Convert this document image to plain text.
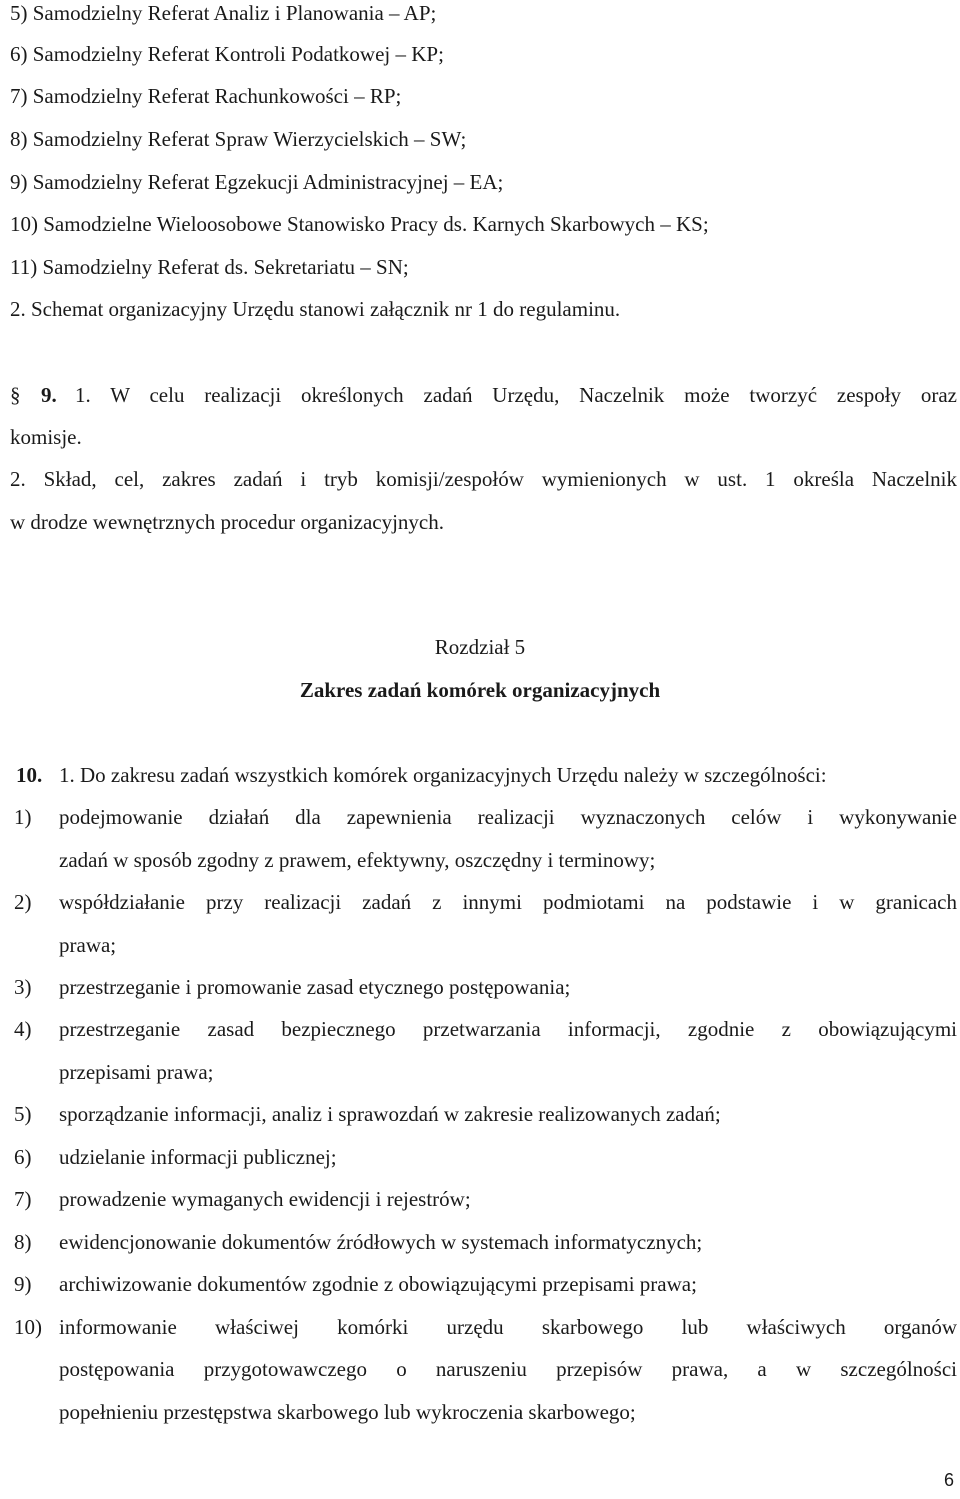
5) Samodzielny Referat Analiz i Planowania – AP;
6) Samodzielny Referat Kontroli Podatkowej – KP;
7) Samodzielny Referat Rachunkowości – RP;
8) Samodzielny Referat Spraw Wierzycielskich – SW;
9) Samodzielny Referat Egzekucji Administracyjnej – EA;
10) Samodzielne Wieloosobowe Stanowisko Pracy ds. Karnych Skarbowych – KS;
11) Samodzielny Referat ds. Sekretariatu – SN;
2. Schemat organizacyjny Urzędu stanowi załącznik nr 1 do regulaminu.
§ 9. 1. W celu realizacji określonych zadań Urzędu, Naczelnik może tworzyć zespoły oraz
komisje.
2. Skład, cel, zakres zadań i tryb komisji/zespołów wymienionych w ust. 1 określa Naczelnik
w drodze wewnętrznych procedur organizacyjnych.
Rozdział 5
Zakres zadań komórek organizacyjnych
10. 1. Do zakresu zadań wszystkich komórek organizacyjnych Urzędu należy w szczególności:
1) podejmowanie działań dla zapewnienia realizacji wyznaczonych celów i wykonywanie
zadań w sposób zgodny z prawem, efektywny, oszczędny i terminowy;
2) współdziałanie przy realizacji zadań z innymi podmiotami na podstawie i w granicach
prawa;
3) przestrzeganie i promowanie zasad etycznego postępowania;
4) przestrzeganie zasad bezpiecznego przetwarzania informacji, zgodnie z obowiązującymi
przepisami prawa;
5) sporządzanie informacji, analiz i sprawozdań w zakresie realizowanych zadań;
6) udzielanie informacji publicznej;
7) prowadzenie wymaganych ewidencji i rejestrów;
8) ewidencjonowanie dokumentów źródłowych w systemach informatycznych;
9) archiwizowanie dokumentów zgodnie z obowiązującymi przepisami prawa;
10) informowanie właściwej komórki urzędu skarbowego lub właściwych organów
postępowania przygotowawczego o naruszeniu przepisów prawa, a w szczególności
popełnieniu przestępstwa skarbowego lub wykroczenia skarbowego;
6
